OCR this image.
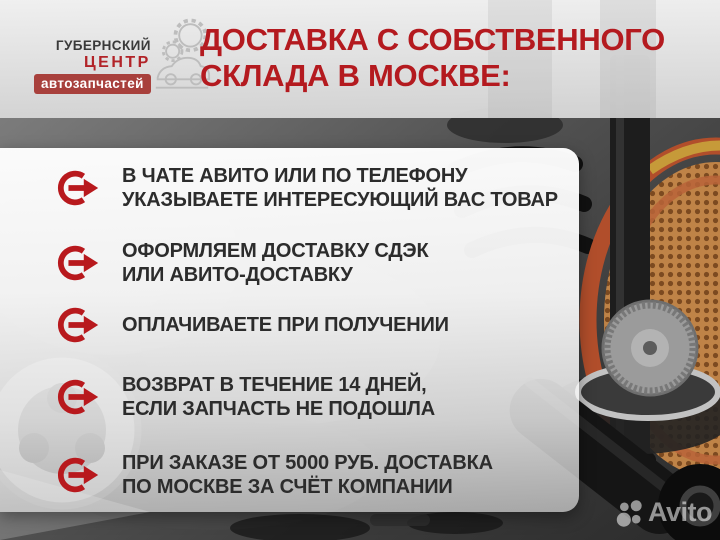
ГУБЕРНСКИЙ
ЦЕНТР
автозапчастей
ДОСТАВКА С СОБСТВЕННОГО
СКЛАДА В МОСКВЕ:
В ЧАТЕ АВИТО ИЛИ ПО ТЕЛЕФОНУ
УКАЗЫВАЕТЕ ИНТЕРЕСУЮЩИЙ ВАС ТОВАР
ОФОРМЛЯЕМ ДОСТАВКУ СДЭК
ИЛИ АВИТО-ДОСТАВКУ
ОПЛАЧИВАЕТЕ ПРИ ПОЛУЧЕНИИ
ВОЗВРАТ В ТЕЧЕНИЕ 14 ДНЕЙ,
ЕСЛИ ЗАПЧАСТЬ НЕ ПОДОШЛА
ПРИ ЗАКАЗЕ ОТ 5000 РУБ. ДОСТАВКА
ПО МОСКВЕ ЗА СЧЁТ КОМПАНИИ
Avito
